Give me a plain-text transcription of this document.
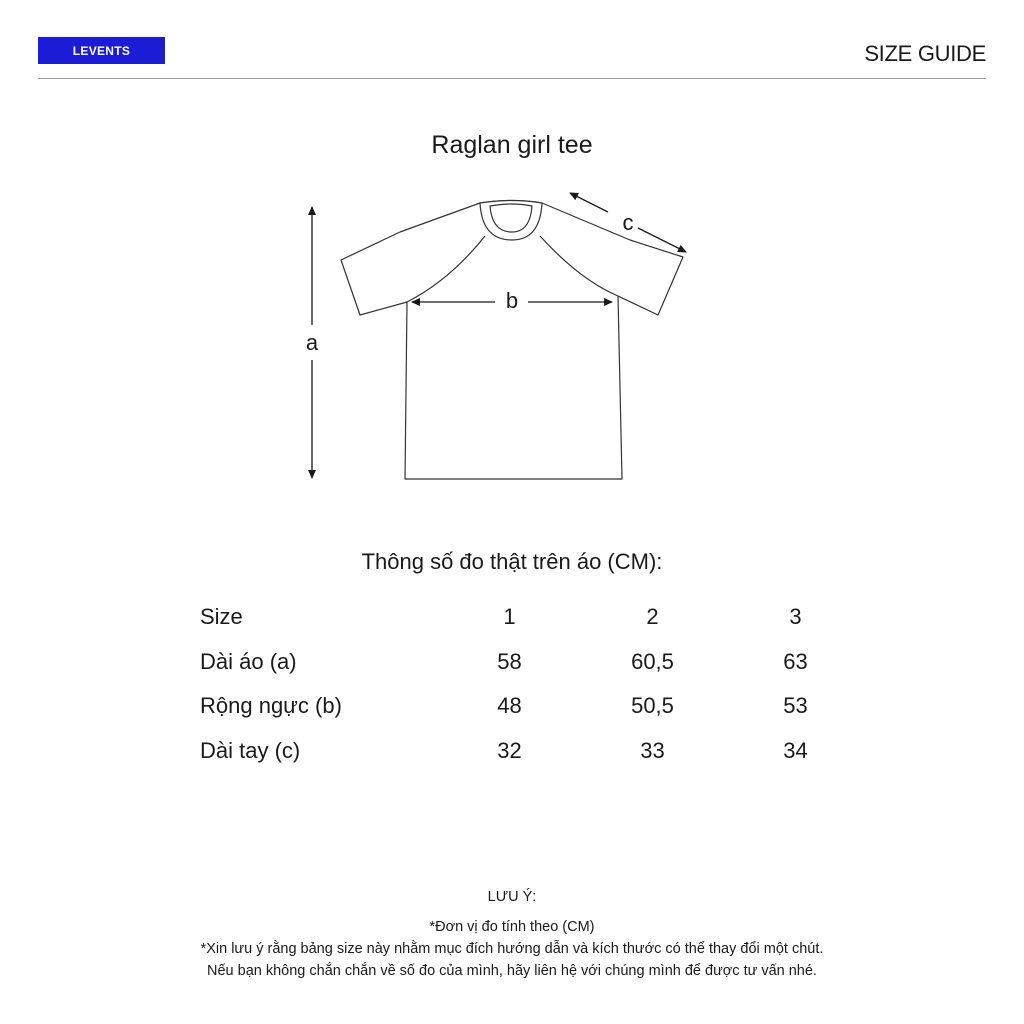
LEVENTS	SIZE GUIDE
Raglan girl tee
a
b
c
Thông số đo thật trên áo (CM):
Size	1	2	3
Dài áo (a)	58	60,5	63
Rộng ngực (b)	48	50,5	53
Dài tay (c)	32	33	34
LƯU Ý:
*Đơn vị đo tính theo (CM)
*Xin lưu ý rằng bảng size này nhằm mục đích hướng dẫn và kích thước có thể thay đổi một chút.
Nếu bạn không chắn chắn về số đo của mình, hãy liên hệ với chúng mình để được tư vấn nhé.
